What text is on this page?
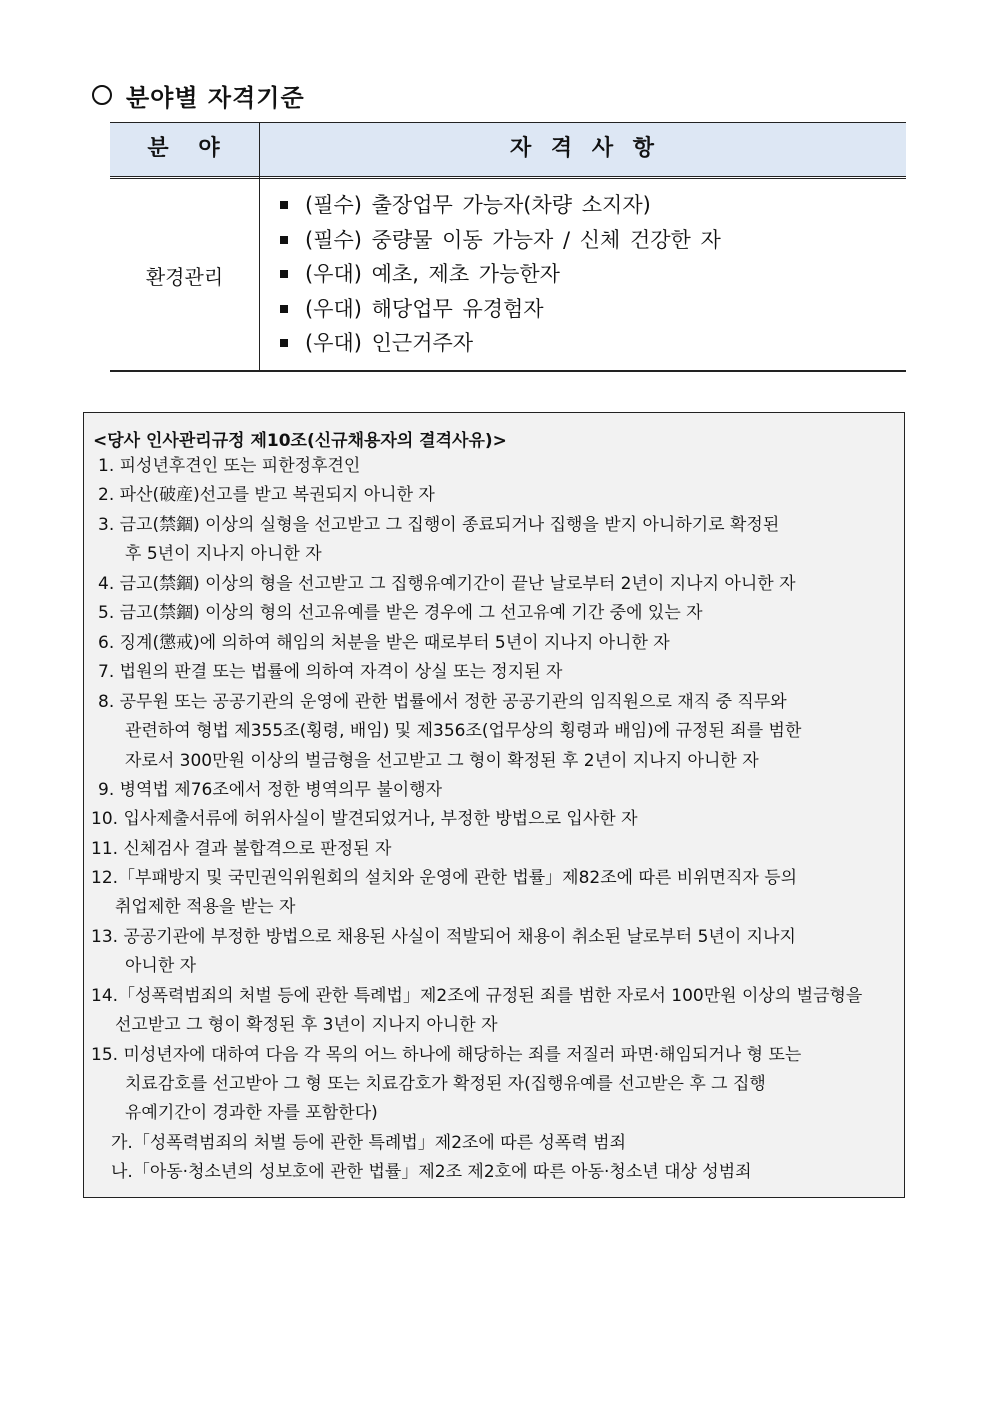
분야별 자격기준
분 야	자 격 사 항
환경관리
(필수) 출장업무 가능자(차량 소지자)
(필수) 중량물 이동 가능자 / 신체 건강한 자
(우대) 예초, 제초 가능한자
(우대) 해당업무 유경험자
(우대) 인근거주자
<당사 인사관리규정 제10조(신규채용자의 결격사유)>
1. 피성년후견인 또는 피한정후견인
2. 파산(破産)선고를 받고 복권되지 아니한 자
3. 금고(禁錮) 이상의 실형을 선고받고 그 집행이 종료되거나 집행을 받지 아니하기로 확정된
후 5년이 지나지 아니한 자
4. 금고(禁錮) 이상의 형을 선고받고 그 집행유예기간이 끝난 날로부터 2년이 지나지 아니한 자
5. 금고(禁錮) 이상의 형의 선고유예를 받은 경우에 그 선고유예 기간 중에 있는 자
6. 징계(懲戒)에 의하여 해임의 처분을 받은 때로부터 5년이 지나지 아니한 자
7. 법원의 판결 또는 법률에 의하여 자격이 상실 또는 정지된 자
8. 공무원 또는 공공기관의 운영에 관한 법률에서 정한 공공기관의 임직원으로 재직 중 직무와
관련하여 형법 제355조(횡령, 배임) 및 제356조(업무상의 횡령과 배임)에 규정된 죄를 범한
자로서 300만원 이상의 벌금형을 선고받고 그 형이 확정된 후 2년이 지나지 아니한 자
9. 병역법 제76조에서 정한 병역의무 불이행자
10. 입사제출서류에 허위사실이 발견되었거나, 부정한 방법으로 입사한 자
11. 신체검사 결과 불합격으로 판정된 자
12.「부패방지 및 국민권익위원회의 설치와 운영에 관한 법률」제82조에 따른 비위면직자 등의
취업제한 적용을 받는 자
13. 공공기관에 부정한 방법으로 채용된 사실이 적발되어 채용이 취소된 날로부터 5년이 지나지
아니한 자
14.「성폭력범죄의 처벌 등에 관한 특례법」제2조에 규정된 죄를 범한 자로서 100만원 이상의 벌금형을
선고받고 그 형이 확정된 후 3년이 지나지 아니한 자
15. 미성년자에 대하여 다음 각 목의 어느 하나에 해당하는 죄를 저질러 파면·해임되거나 형 또는
치료감호를 선고받아 그 형 또는 치료감호가 확정된 자(집행유예를 선고받은 후 그 집행
유예기간이 경과한 자를 포함한다)
가.「성폭력범죄의 처벌 등에 관한 특례법」제2조에 따른 성폭력 범죄
나.「아동·청소년의 성보호에 관한 법률」제2조 제2호에 따른 아동·청소년 대상 성범죄
